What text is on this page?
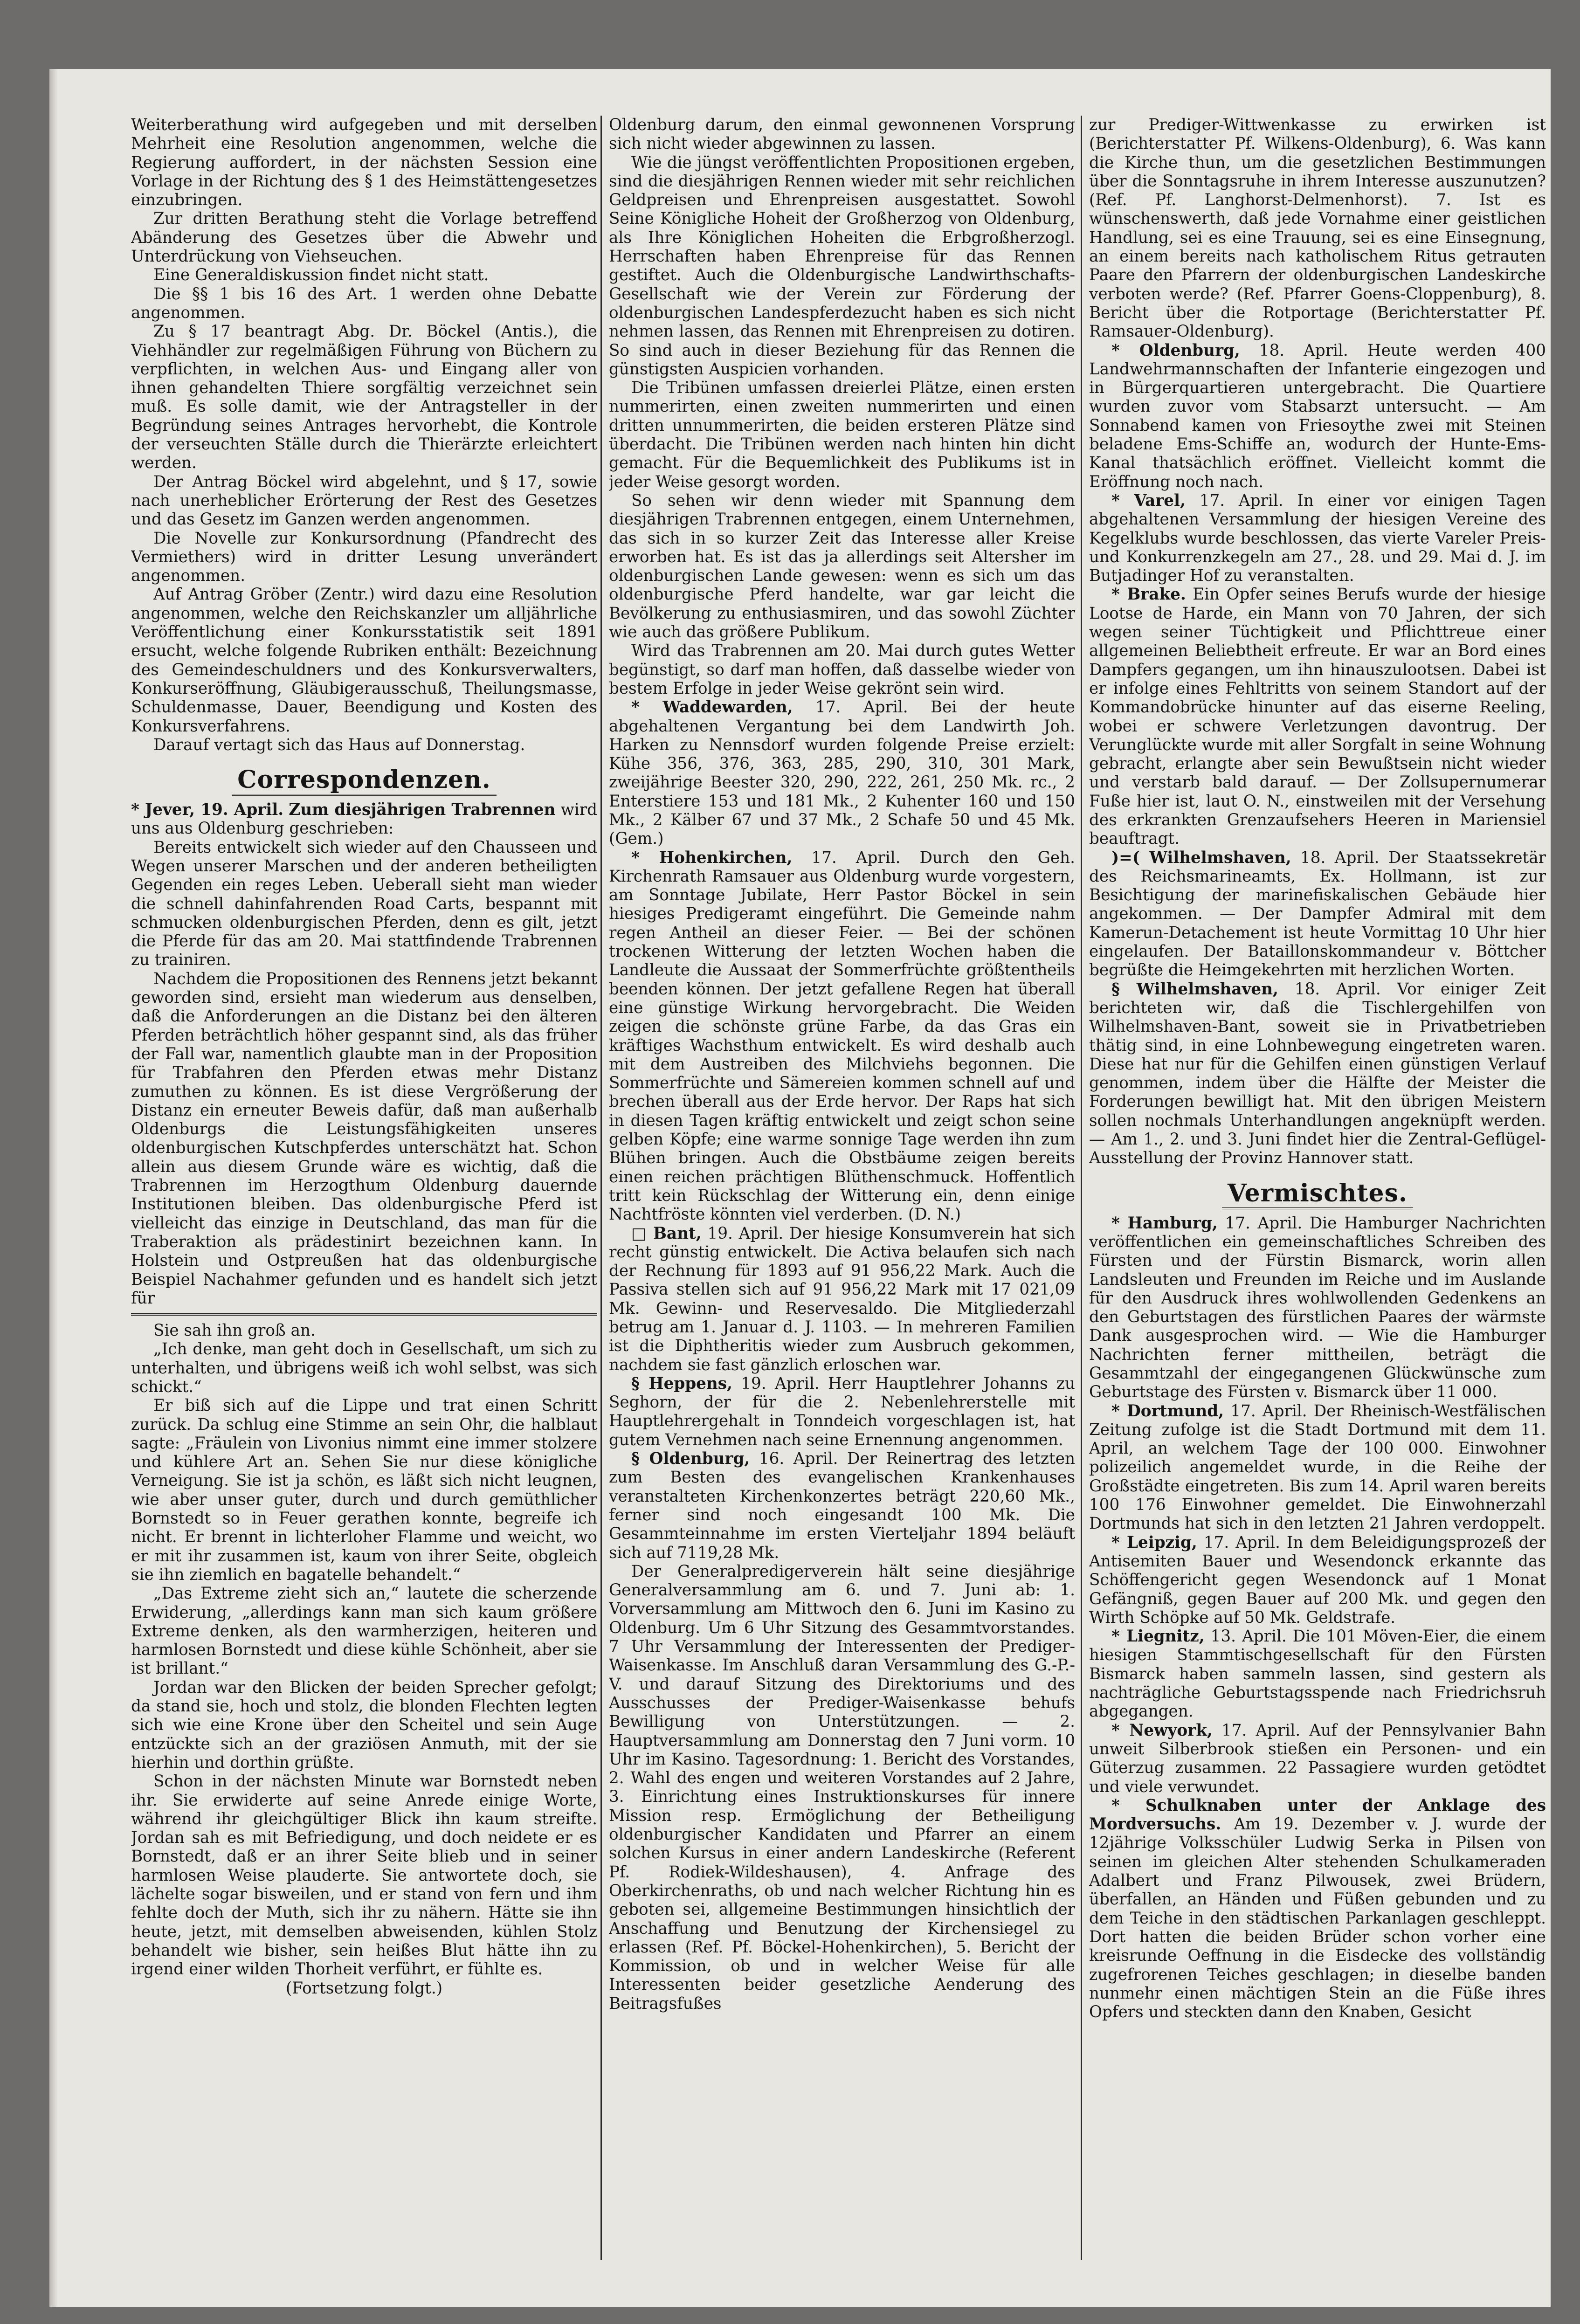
Weiterberathung wird aufgegeben und mit derselben Mehrheit eine Resolution angenommen, welche die Regierung auffordert, in der nächsten Session eine Vorlage in der Richtung des § 1 des Heimstättengesetzes einzubringen.

Zur dritten Berathung steht die Vorlage betreffend Abänderung des Gesetzes über die Abwehr und Unterdrückung von Viehseuchen.

Eine Generaldiskussion findet nicht statt.

Die §§ 1 bis 16 des Art. 1 werden ohne Debatte angenommen.

Zu § 17 beantragt Abg. Dr. Böckel (Antis.), die Viehhändler zur regelmäßigen Führung von Büchern zu verpflichten, in welchen Aus- und Eingang aller von ihnen gehandelten Thiere sorgfältig verzeichnet sein muß. Es solle damit, wie der Antragsteller in der Begründung seines Antrages hervorhebt, die Kontrole der verseuchten Ställe durch die Thierärzte erleichtert werden.

Der Antrag Böckel wird abgelehnt, und § 17, sowie nach unerheblicher Erörterung der Rest des Gesetzes und das Gesetz im Ganzen werden angenommen.

Die Novelle zur Konkursordnung (Pfandrecht des Vermiethers) wird in dritter Lesung unverändert angenommen.

Auf Antrag Gröber (Zentr.) wird dazu eine Resolution angenommen, welche den Reichskanzler um alljährliche Veröffentlichung einer Konkursstatistik seit 1891 ersucht, welche folgende Rubriken enthält: Bezeichnung des Gemeindeschuldners und des Konkursverwalters, Konkurseröffnung, Gläubigerausschuß, Theilungsmasse, Schuldenmasse, Dauer, Beendigung und Kosten des Konkursverfahrens.

Darauf vertagt sich das Haus auf Donnerstag.

Correspondenzen.

* Jever, 19. April. Zum diesjährigen Trabrennen wird uns aus Oldenburg geschrieben:

Bereits entwickelt sich wieder auf den Chausseen und Wegen unserer Marschen und der anderen betheiligten Gegenden ein reges Leben. Ueberall sieht man wieder die schnell dahinfahrenden Road Carts, bespannt mit schmucken oldenburgischen Pferden, denn es gilt, jetzt die Pferde für das am 20. Mai stattfindende Trabrennen zu trainiren.

Nachdem die Propositionen des Rennens jetzt bekannt geworden sind, ersieht man wiederum aus denselben, daß die Anforderungen an die Distanz bei den älteren Pferden beträchtlich höher gespannt sind, als das früher der Fall war, namentlich glaubte man in der Proposition für Trabfahren den Pferden etwas mehr Distanz zumuthen zu können. Es ist diese Vergrößerung der Distanz ein erneuter Beweis dafür, daß man außerhalb Oldenburgs die Leistungsfähigkeiten unseres oldenburgischen Kutschpferdes unterschätzt hat. Schon allein aus diesem Grunde wäre es wichtig, daß die Trabrennen im Herzogthum Oldenburg dauernde Institutionen bleiben. Das oldenburgische Pferd ist vielleicht das einzige in Deutschland, das man für die Traberaktion als prädestinirt bezeichnen kann. In Holstein und Ostpreußen hat das oldenburgische Beispiel Nachahmer gefunden und es handelt sich jetzt für

Sie sah ihn groß an.

„Ich denke, man geht doch in Gesellschaft, um sich zu unterhalten, und übrigens weiß ich wohl selbst, was sich schickt.“

Er biß sich auf die Lippe und trat einen Schritt zurück. Da schlug eine Stimme an sein Ohr, die halblaut sagte: „Fräulein von Livonius nimmt eine immer stolzere und kühlere Art an. Sehen Sie nur diese königliche Verneigung. Sie ist ja schön, es läßt sich nicht leugnen, wie aber unser guter, durch und durch gemüthlicher Bornstedt so in Feuer gerathen konnte, begreife ich nicht. Er brennt in lichterloher Flamme und weicht, wo er mit ihr zusammen ist, kaum von ihrer Seite, obgleich sie ihn ziemlich en bagatelle behandelt.“

„Das Extreme zieht sich an,“ lautete die scherzende Erwiderung, „allerdings kann man sich kaum größere Extreme denken, als den warmherzigen, heiteren und harmlosen Bornstedt und diese kühle Schönheit, aber sie ist brillant.“

Jordan war den Blicken der beiden Sprecher gefolgt; da stand sie, hoch und stolz, die blonden Flechten legten sich wie eine Krone über den Scheitel und sein Auge entzückte sich an der graziösen Anmuth, mit der sie hierhin und dorthin grüßte.

Schon in der nächsten Minute war Bornstedt neben ihr. Sie erwiderte auf seine Anrede einige Worte, während ihr gleichgültiger Blick ihn kaum streifte. Jordan sah es mit Befriedigung, und doch neidete er es Bornstedt, daß er an ihrer Seite blieb und in seiner harmlosen Weise plauderte. Sie antwortete doch, sie lächelte sogar bisweilen, und er stand von fern und ihm fehlte doch der Muth, sich ihr zu nähern. Hätte sie ihn heute, jetzt, mit demselben abweisenden, kühlen Stolz behandelt wie bisher, sein heißes Blut hätte ihn zu irgend einer wilden Thorheit verführt, er fühlte es.

(Fortsetzung folgt.)

Oldenburg darum, den einmal gewonnenen Vorsprung sich nicht wieder abgewinnen zu lassen.

Wie die jüngst veröffentlichten Propositionen ergeben, sind die diesjährigen Rennen wieder mit sehr reichlichen Geldpreisen und Ehrenpreisen ausgestattet. Sowohl Seine Königliche Hoheit der Großherzog von Oldenburg, als Ihre Königlichen Hoheiten die Erbgroßherzogl. Herrschaften haben Ehrenpreise für das Rennen gestiftet. Auch die Oldenburgische Landwirthschafts-Gesellschaft wie der Verein zur Förderung der oldenburgischen Landespferdezucht haben es sich nicht nehmen lassen, das Rennen mit Ehrenpreisen zu dotiren. So sind auch in dieser Beziehung für das Rennen die günstigsten Auspicien vorhanden.

Die Tribünen umfassen dreierlei Plätze, einen ersten nummerirten, einen zweiten nummerirten und einen dritten unnummerirten, die beiden ersteren Plätze sind überdacht. Die Tribünen werden nach hinten hin dicht gemacht. Für die Bequemlichkeit des Publikums ist in jeder Weise gesorgt worden.

So sehen wir denn wieder mit Spannung dem diesjährigen Trabrennen entgegen, einem Unternehmen, das sich in so kurzer Zeit das Interesse aller Kreise erworben hat. Es ist das ja allerdings seit Altersher im oldenburgischen Lande gewesen: wenn es sich um das oldenburgische Pferd handelte, war gar leicht die Bevölkerung zu enthusiasmiren, und das sowohl Züchter wie auch das größere Publikum.

Wird das Trabrennen am 20. Mai durch gutes Wetter begünstigt, so darf man hoffen, daß dasselbe wieder von bestem Erfolge in jeder Weise gekrönt sein wird.

* Waddewarden, 17. April. Bei der heute abgehaltenen Vergantung bei dem Landwirth Joh. Harken zu Nennsdorf wurden folgende Preise erzielt: Kühe 356, 376, 363, 285, 290, 310, 301 Mark, zweijährige Beester 320, 290, 222, 261, 250 Mk. rc., 2 Enterstiere 153 und 181 Mk., 2 Kuhenter 160 und 150 Mk., 2 Kälber 67 und 37 Mk., 2 Schafe 50 und 45 Mk. (Gem.)

* Hohenkirchen, 17. April. Durch den Geh. Kirchenrath Ramsauer aus Oldenburg wurde vorgestern, am Sonntage Jubilate, Herr Pastor Böckel in sein hiesiges Predigeramt eingeführt. Die Gemeinde nahm regen Antheil an dieser Feier. — Bei der schönen trockenen Witterung der letzten Wochen haben die Landleute die Aussaat der Sommerfrüchte größtentheils beenden können. Der jetzt gefallene Regen hat überall eine günstige Wirkung hervorgebracht. Die Weiden zeigen die schönste grüne Farbe, da das Gras ein kräftiges Wachsthum entwickelt. Es wird deshalb auch mit dem Austreiben des Milchviehs begonnen. Die Sommerfrüchte und Sämereien kommen schnell auf und brechen überall aus der Erde hervor. Der Raps hat sich in diesen Tagen kräftig entwickelt und zeigt schon seine gelben Köpfe; eine warme sonnige Tage werden ihn zum Blühen bringen. Auch die Obstbäume zeigen bereits einen reichen prächtigen Blüthenschmuck. Hoffentlich tritt kein Rückschlag der Witterung ein, denn einige Nachtfröste könnten viel verderben. (D. N.)

□ Bant, 19. April. Der hiesige Konsumverein hat sich recht günstig entwickelt. Die Activa belaufen sich nach der Rechnung für 1893 auf 91 956,22 Mark. Auch die Passiva stellen sich auf 91 956,22 Mark mit 17 021,09 Mk. Gewinn- und Reservesaldo. Die Mitgliederzahl betrug am 1. Januar d. J. 1103. — In mehreren Familien ist die Diphtheritis wieder zum Ausbruch gekommen, nachdem sie fast gänzlich erloschen war.

§ Heppens, 19. April. Herr Hauptlehrer Johanns zu Seghorn, der für die 2. Nebenlehrerstelle mit Hauptlehrergehalt in Tonndeich vorgeschlagen ist, hat gutem Vernehmen nach seine Ernennung angenommen.

§ Oldenburg, 16. April. Der Reinertrag des letzten zum Besten des evangelischen Krankenhauses veranstalteten Kirchenkonzertes beträgt 220,60 Mk., ferner sind noch eingesandt 100 Mk. Die Gesammteinnahme im ersten Vierteljahr 1894 beläuft sich auf 7119,28 Mk.

Der Generalpredigerverein hält seine diesjährige Generalversammlung am 6. und 7. Juni ab: 1. Vorversammlung am Mittwoch den 6. Juni im Kasino zu Oldenburg. Um 6 Uhr Sitzung des Gesammtvorstandes. 7 Uhr Versammlung der Interessenten der Prediger-Waisenkasse. Im Anschluß daran Versammlung des G.-P.-V. und darauf Sitzung des Direktoriums und des Ausschusses der Prediger-Waisenkasse behufs Bewilligung von Unterstützungen. — 2. Hauptversammlung am Donnerstag den 7 Juni vorm. 10 Uhr im Kasino. Tagesordnung: 1. Bericht des Vorstandes, 2. Wahl des engen und weiteren Vorstandes auf 2 Jahre, 3. Einrichtung eines Instruktionskurses für innere Mission resp. Ermöglichung der Betheiligung oldenburgischer Kandidaten und Pfarrer an einem solchen Kursus in einer andern Landeskirche (Referent Pf. Rodiek-Wildeshausen), 4. Anfrage des Oberkirchenraths, ob und nach welcher Richtung hin es geboten sei, allgemeine Bestimmungen hinsichtlich der Anschaffung und Benutzung der Kirchensiegel zu erlassen (Ref. Pf. Böckel-Hohenkirchen), 5. Bericht der Kommission, ob und in welcher Weise für alle Interessenten beider gesetzliche Aenderung des Beitragsfußes

zur Prediger-Wittwenkasse zu erwirken ist (Berichterstatter Pf. Wilkens-Oldenburg), 6. Was kann die Kirche thun, um die gesetzlichen Bestimmungen über die Sonntagsruhe in ihrem Interesse auszunutzen? (Ref. Pf. Langhorst-Delmenhorst). 7. Ist es wünschenswerth, daß jede Vornahme einer geistlichen Handlung, sei es eine Trauung, sei es eine Einsegnung, an einem bereits nach katholischem Ritus getrauten Paare den Pfarrern der oldenburgischen Landeskirche verboten werde? (Ref. Pfarrer Goens-Cloppenburg), 8. Bericht über die Rotportage (Berichterstatter Pf. Ramsauer-Oldenburg).

* Oldenburg, 18. April. Heute werden 400 Landwehrmannschaften der Infanterie eingezogen und in Bürgerquartieren untergebracht. Die Quartiere wurden zuvor vom Stabsarzt untersucht. — Am Sonnabend kamen von Friesoythe zwei mit Steinen beladene Ems-Schiffe an, wodurch der Hunte-Ems-Kanal thatsächlich eröffnet. Vielleicht kommt die Eröffnung noch nach.

* Varel, 17. April. In einer vor einigen Tagen abgehaltenen Versammlung der hiesigen Vereine des Kegelklubs wurde beschlossen, das vierte Vareler Preis- und Konkurrenzkegeln am 27., 28. und 29. Mai d. J. im Butjadinger Hof zu veranstalten.

* Brake. Ein Opfer seines Berufs wurde der hiesige Lootse de Harde, ein Mann von 70 Jahren, der sich wegen seiner Tüchtigkeit und Pflichttreue einer allgemeinen Beliebtheit erfreute. Er war an Bord eines Dampfers gegangen, um ihn hinauszulootsen. Dabei ist er infolge eines Fehltritts von seinem Standort auf der Kommandobrücke hinunter auf das eiserne Reeling, wobei er schwere Verletzungen davontrug. Der Verunglückte wurde mit aller Sorgfalt in seine Wohnung gebracht, erlangte aber sein Bewußtsein nicht wieder und verstarb bald darauf. — Der Zollsupernumerar Fuße hier ist, laut O. N., einstweilen mit der Versehung des erkrankten Grenzaufsehers Heeren in Mariensiel beauftragt.

)=( Wilhelmshaven, 18. April. Der Staatssekretär des Reichsmarineamts, Ex. Hollmann, ist zur Besichtigung der marinefiskalischen Gebäude hier angekommen. — Der Dampfer Admiral mit dem Kamerun-Detachement ist heute Vormittag 10 Uhr hier eingelaufen. Der Bataillonskommandeur v. Böttcher begrüßte die Heimgekehrten mit herzlichen Worten.

§ Wilhelmshaven, 18. April. Vor einiger Zeit berichteten wir, daß die Tischlergehilfen von Wilhelmshaven-Bant, soweit sie in Privatbetrieben thätig sind, in eine Lohnbewegung eingetreten waren. Diese hat nur für die Gehilfen einen günstigen Verlauf genommen, indem über die Hälfte der Meister die Forderungen bewilligt hat. Mit den übrigen Meistern sollen nochmals Unterhandlungen angeknüpft werden. — Am 1., 2. und 3. Juni findet hier die Zentral-Geflügel-Ausstellung der Provinz Hannover statt.

Vermischtes.

* Hamburg, 17. April. Die Hamburger Nachrichten veröffentlichen ein gemeinschaftliches Schreiben des Fürsten und der Fürstin Bismarck, worin allen Landsleuten und Freunden im Reiche und im Auslande für den Ausdruck ihres wohlwollenden Gedenkens an den Geburtstagen des fürstlichen Paares der wärmste Dank ausgesprochen wird. — Wie die Hamburger Nachrichten ferner mittheilen, beträgt die Gesammtzahl der eingegangenen Glückwünsche zum Geburtstage des Fürsten v. Bismarck über 11 000.

* Dortmund, 17. April. Der Rheinisch-Westfälischen Zeitung zufolge ist die Stadt Dortmund mit dem 11. April, an welchem Tage der 100 000. Einwohner polizeilich angemeldet wurde, in die Reihe der Großstädte eingetreten. Bis zum 14. April waren bereits 100 176 Einwohner gemeldet. Die Einwohnerzahl Dortmunds hat sich in den letzten 21 Jahren verdoppelt.

* Leipzig, 17. April. In dem Beleidigungsprozeß der Antisemiten Bauer und Wesendonck erkannte das Schöffengericht gegen Wesendonck auf 1 Monat Gefängniß, gegen Bauer auf 200 Mk. und gegen den Wirth Schöpke auf 50 Mk. Geldstrafe.

* Liegnitz, 13. April. Die 101 Möven-Eier, die einem hiesigen Stammtischgesellschaft für den Fürsten Bismarck haben sammeln lassen, sind gestern als nachträgliche Geburtstagsspende nach Friedrichsruh abgegangen.

* Newyork, 17. April. Auf der Pennsylvanier Bahn unweit Silberbrook stießen ein Personen- und ein Güterzug zusammen. 22 Passagiere wurden getödtet und viele verwundet.

* Schulknaben unter der Anklage des Mordversuchs. Am 19. Dezember v. J. wurde der 12jährige Volksschüler Ludwig Serka in Pilsen von seinen im gleichen Alter stehenden Schulkameraden Adalbert und Franz Pilwousek, zwei Brüdern, überfallen, an Händen und Füßen gebunden und zu dem Teiche in den städtischen Parkanlagen geschleppt. Dort hatten die beiden Brüder schon vorher eine kreisrunde Oeffnung in die Eisdecke des vollständig zugefrorenen Teiches geschlagen; in dieselbe banden nunmehr einen mächtigen Stein an die Füße ihres Opfers und steckten dann den Knaben, Gesicht
